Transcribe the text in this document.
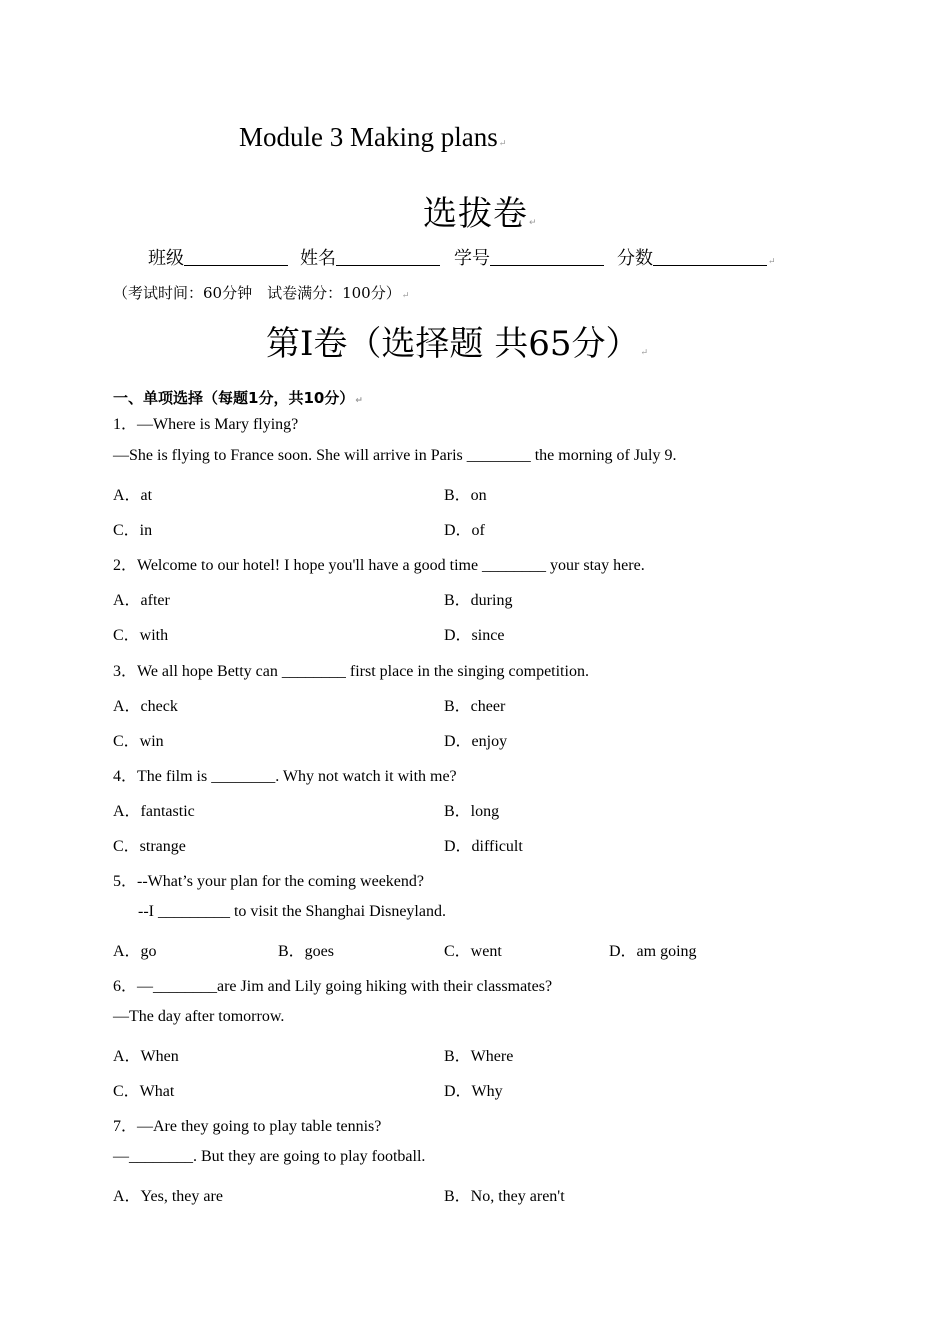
Module 3 Making plans↵
选拔卷↵
班级	姓名	学号	分数	↵
（考试时间：60分钟　试卷满分：100分）↵
第Ⅰ卷（选择题 共65分）↵
一、单项选择（每题1分，共10分）↵
1．—Where is Mary flying?
—She is flying to France soon. She will arrive in Paris ________ the morning of July 9.
A．at	B．on
C．in	D．of
2．Welcome to our hotel! I hope you'll have a good time ________ your stay here.
A．after	B．during
C．with	D．since
3．We all hope Betty can ________ first place in the singing competition.
A．check	B．cheer
C．win	D．enjoy
4．The film is ________. Why not watch it with me?
A．fantastic	B．long
C．strange	D．difficult
5．--What’s your plan for the coming weekend?
--I _________ to visit the Shanghai Disneyland.
A．go	B．goes	C．went	D．am going
6．—________are Jim and Lily going hiking with their classmates?
—The day after tomorrow.
A．When	B．Where
C．What	D．Why
7．—Are they going to play table tennis?
—________. But they are going to play football.
A．Yes, they are	B．No, they aren't
